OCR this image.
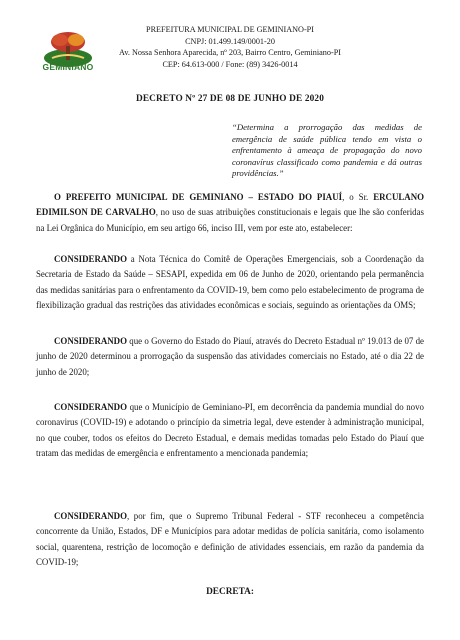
GEMINIANO
PREFEITURA MUNICIPAL DE GEMINIANO-PI
CNPJ: 01.499.149/0001-20
Av. Nossa Senhora Aparecida, nº 203, Bairro Centro, Geminiano-PI
CEP: 64.613-000 / Fone: (89) 3426-0014
DECRETO Nº 27 DE 08 DE JUNHO DE 2020
“Determina a prorrogação das medidas de emergência de saúde pública tendo em vista o enfrentamento à ameaça de propagação do novo coronavírus classificado como pandemia e dá outras providências.”
O PREFEITO MUNICIPAL DE GEMINIANO – ESTADO DO PIAUÍ, o Sr. ERCULANO EDIMILSON DE CARVALHO, no uso de suas atribuições constitucionais e legais que lhe são conferidas na Lei Orgânica do Município, em seu artigo 66, inciso III, vem por este ato, estabelecer:
CONSIDERANDO a Nota Técnica do Comitê de Operações Emergenciais, sob a Coordenação da Secretaria de Estado da Saúde – SESAPI, expedida em 06 de Junho de 2020, orientando pela permanência das medidas sanitárias para o enfrentamento da COVID-19, bem como pelo estabelecimento de programa de flexibilização gradual das restrições das atividades econômicas e sociais, seguindo as orientações da OMS;
CONSIDERANDO que o Governo do Estado do Piauí, através do Decreto Estadual nº 19.013 de 07 de junho de 2020 determinou a prorrogação da suspensão das atividades comerciais no Estado, até o dia 22 de junho de 2020;
CONSIDERANDO que o Município de Geminiano-PI, em decorrência da pandemia mundial do novo coronavirus (COVID-19) e adotando o princípio da simetria legal, deve estender à administração municipal, no que couber, todos os efeitos do Decreto Estadual, e demais medidas tomadas pelo Estado do Piauí que tratam das medidas de emergência e enfrentamento a mencionada pandemia;
CONSIDERANDO, por fim, que o Supremo Tribunal Federal - STF reconheceu a competência concorrente da União, Estados, DF e Municípios para adotar medidas de polícia sanitária, como isolamento social, quarentena, restrição de locomoção e definição de atividades essenciais, em razão da pandemia da COVID-19;
DECRETA:
